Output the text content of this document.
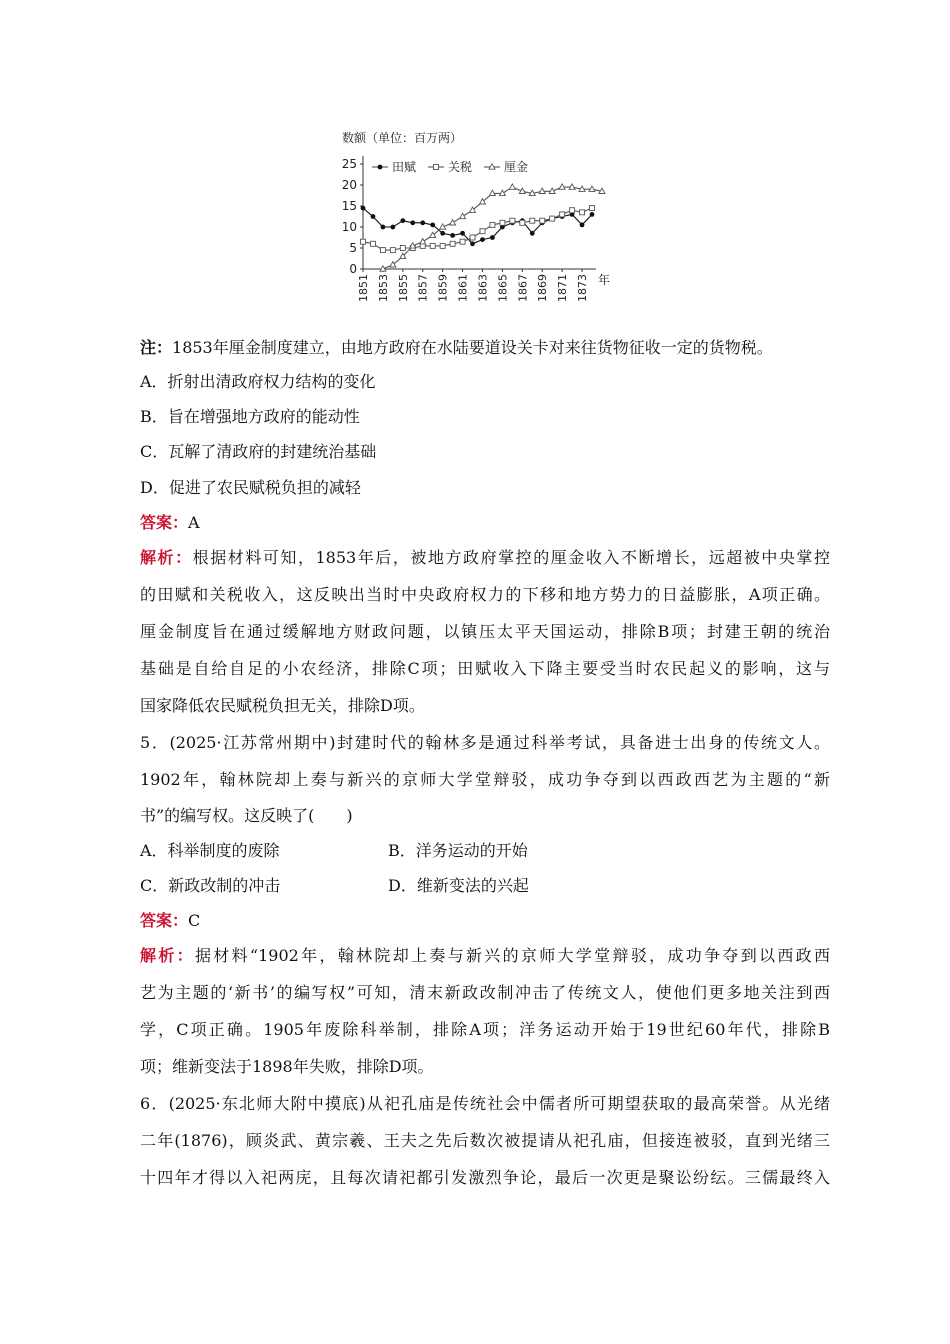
数额（单位：百万两）
0
5
10
15
20
25
1851 1853 1855 1857 1859 1861 1863 1865 1867 1869 1871 1873 年
田赋	关税	厘金
注：1853年厘金制度建立，由地方政府在水陆要道设关卡对来往货物征收一定的货物税。
A．折射出清政府权力结构的变化
B．旨在增强地方政府的能动性
C．瓦解了清政府的封建统治基础
D．促进了农民赋税负担的减轻
答案：A
解析：根据材料可知，1853年后，被地方政府掌控的厘金收入不断增长，远超被中央掌控
的田赋和关税收入，这反映出当时中央政府权力的下移和地方势力的日益膨胀，A项正确。
厘金制度旨在通过缓解地方财政问题，以镇压太平天国运动，排除B项；封建王朝的统治
基础是自给自足的小农经济，排除C项；田赋收入下降主要受当时农民起义的影响，这与
国家降低农民赋税负担无关，排除D项。
5．(2025·江苏常州期中)封建时代的翰林多是通过科举考试，具备进士出身的传统文人。
1902年，翰林院却上奏与新兴的京师大学堂辩驳，成功争夺到以西政西艺为主题的“新
书”的编写权。这反映了(　　)
A．科举制度的废除	B．洋务运动的开始
C．新政改制的冲击	D．维新变法的兴起
答案：C
解析：据材料“1902年，翰林院却上奏与新兴的京师大学堂辩驳，成功争夺到以西政西
艺为主题的‘新书’的编写权”可知，清末新政改制冲击了传统文人，使他们更多地关注到西
学，C项正确。1905年废除科举制，排除A项；洋务运动开始于19世纪60年代，排除B
项；维新变法于1898年失败，排除D项。
6．(2025·东北师大附中摸底)从祀孔庙是传统社会中儒者所可期望获取的最高荣誉。从光绪
二年(1876)，顾炎武、黄宗羲、王夫之先后数次被提请从祀孔庙，但接连被驳，直到光绪三
十四年才得以入祀两庑，且每次请祀都引发激烈争论，最后一次更是聚讼纷纭。三儒最终入
